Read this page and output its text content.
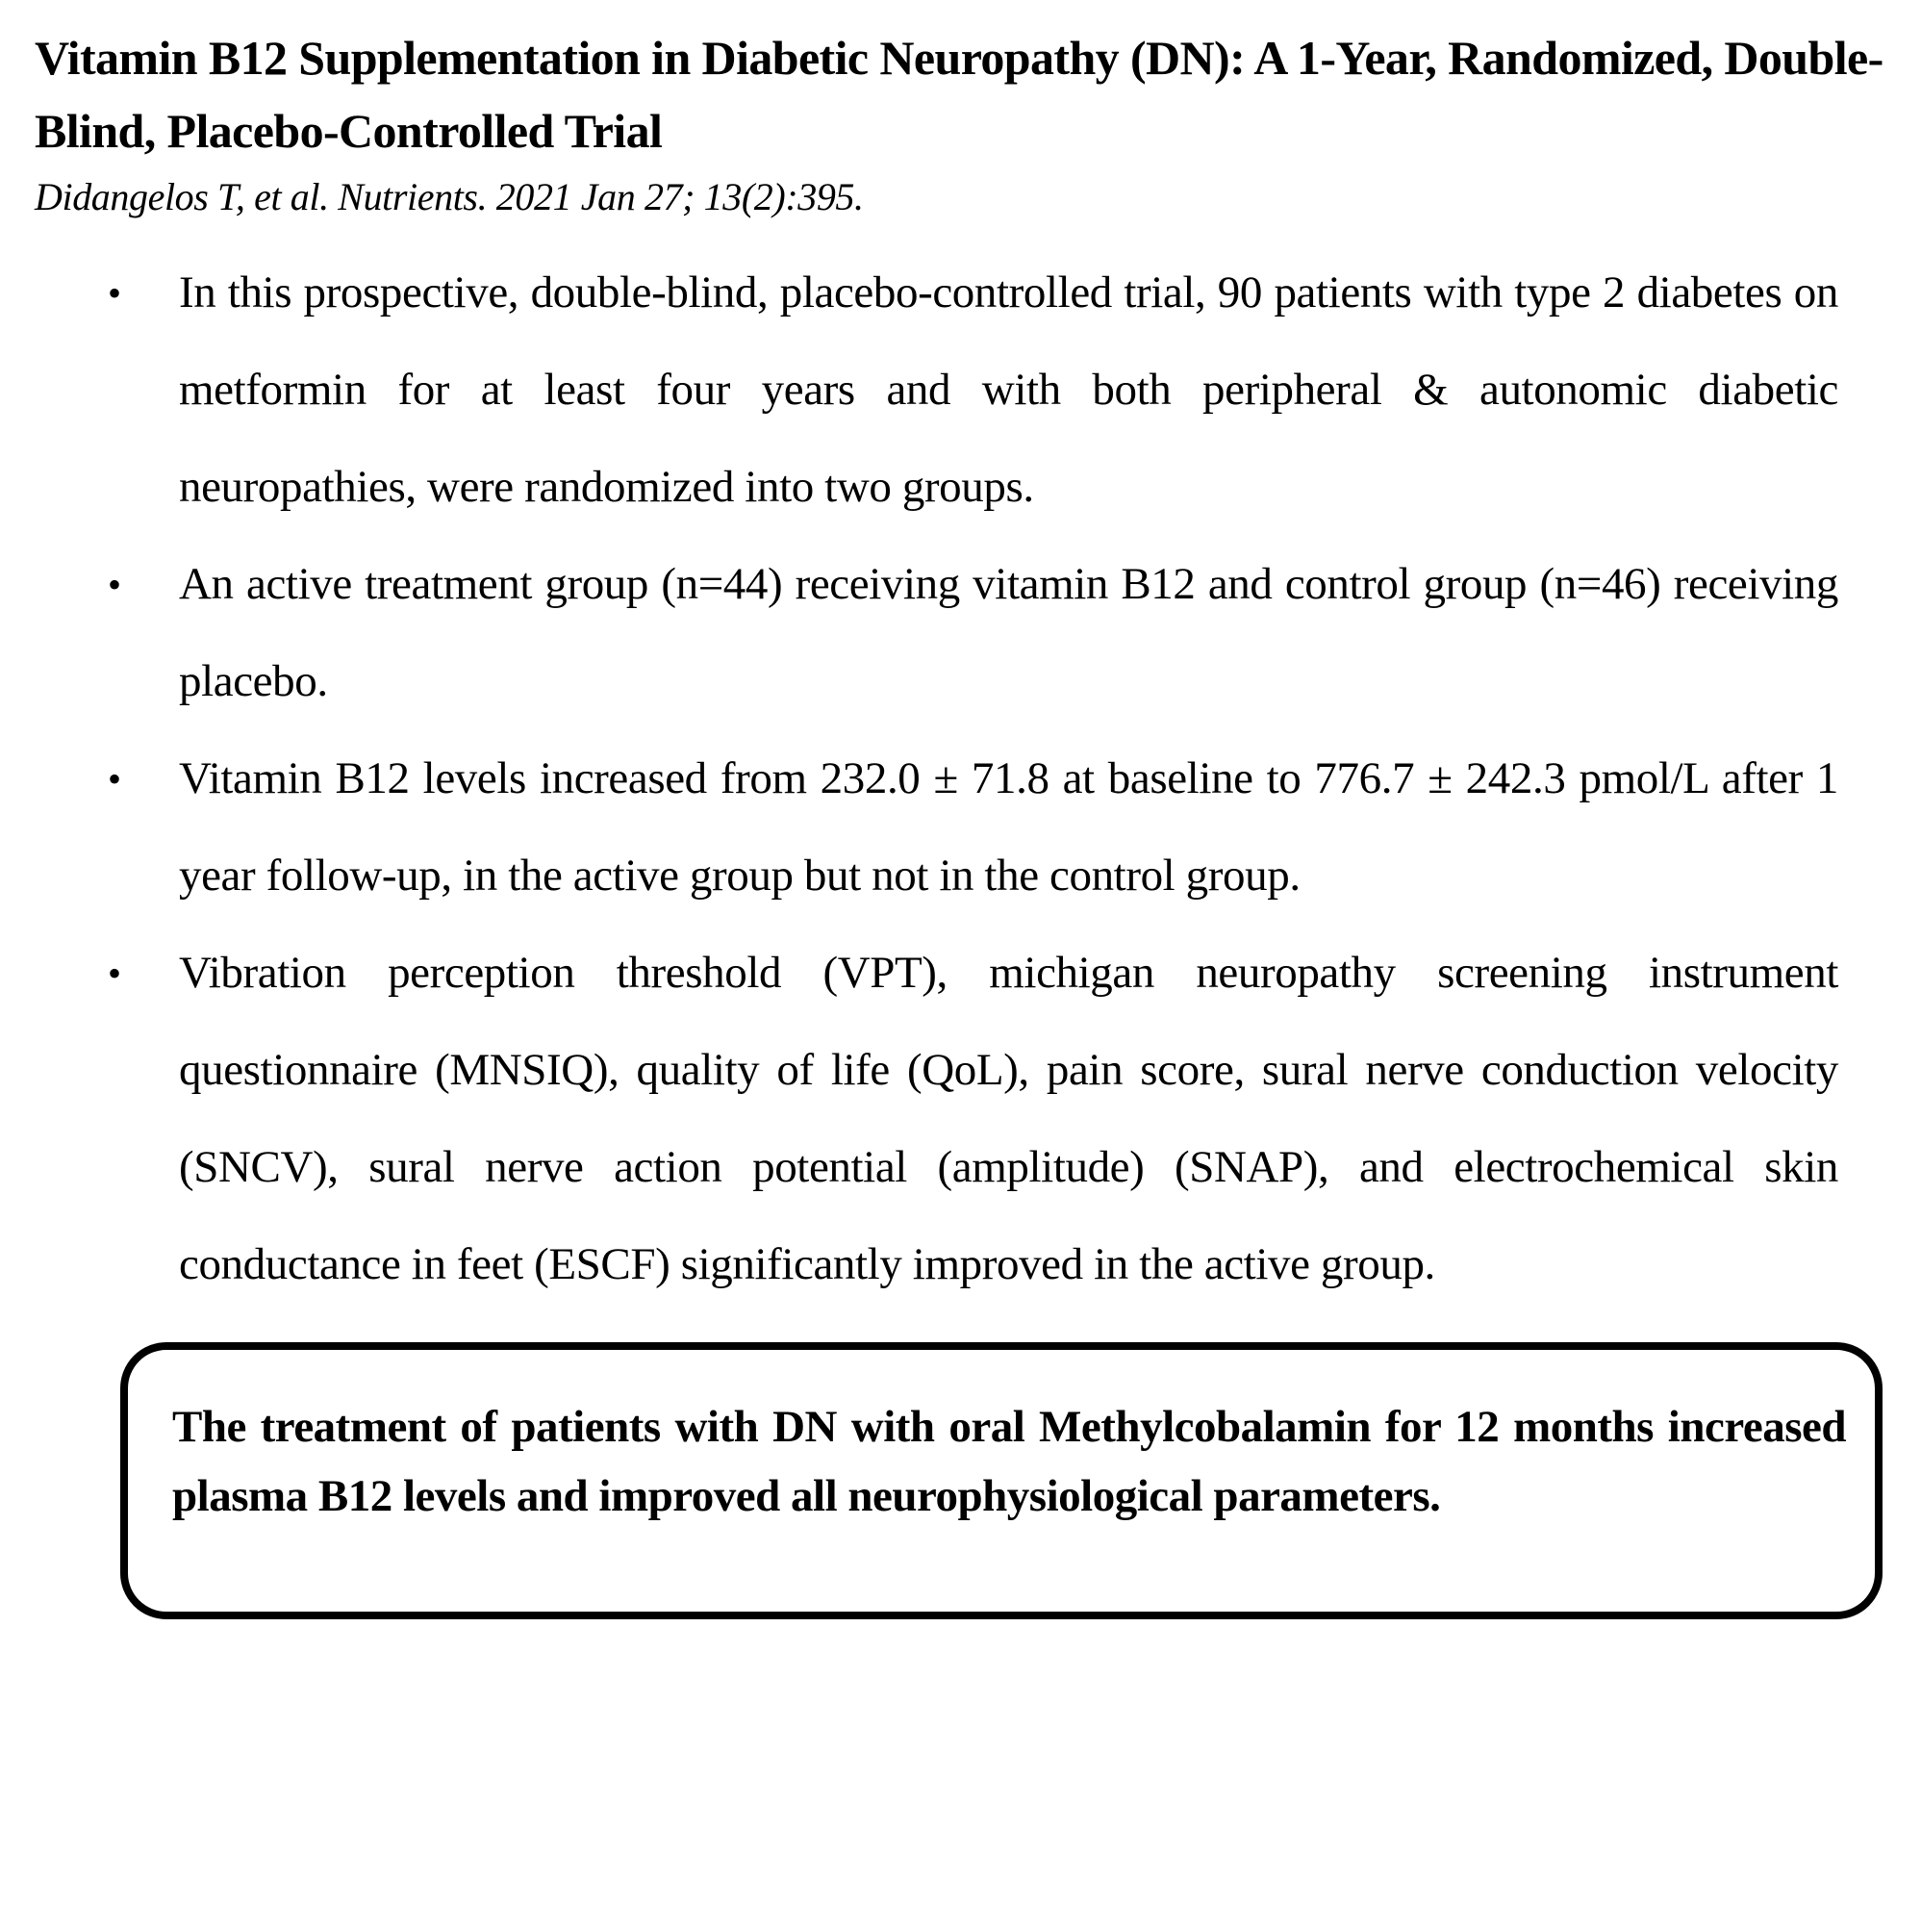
Vitamin B12 Supplementation in Diabetic Neuropathy (DN): A 1-Year, Randomized, Double-Blind, Placebo-Controlled Trial
Didangelos T, et al. Nutrients. 2021 Jan 27; 13(2):395.
• In this prospective, double-blind, placebo-controlled trial, 90 patients with type 2 diabetes on metformin for at least four years and with both peripheral & autonomic diabetic neuropathies, were randomized into two groups.
• An active treatment group (n=44) receiving vitamin B12 and control group (n=46) receiving placebo.
• Vitamin B12 levels increased from 232.0 ± 71.8 at baseline to 776.7 ± 242.3 pmol/L after 1 year follow-up, in the active group but not in the control group.
• Vibration perception threshold (VPT), michigan neuropathy screening instrument questionnaire (MNSIQ), quality of life (QoL), pain score, sural nerve conduction velocity (SNCV), sural nerve action potential (amplitude) (SNAP), and electrochemical skin conductance in feet (ESCF) significantly improved in the active group.
The treatment of patients with DN with oral Methylcobalamin for 12 months increased plasma B12 levels and improved all neurophysiological parameters.
